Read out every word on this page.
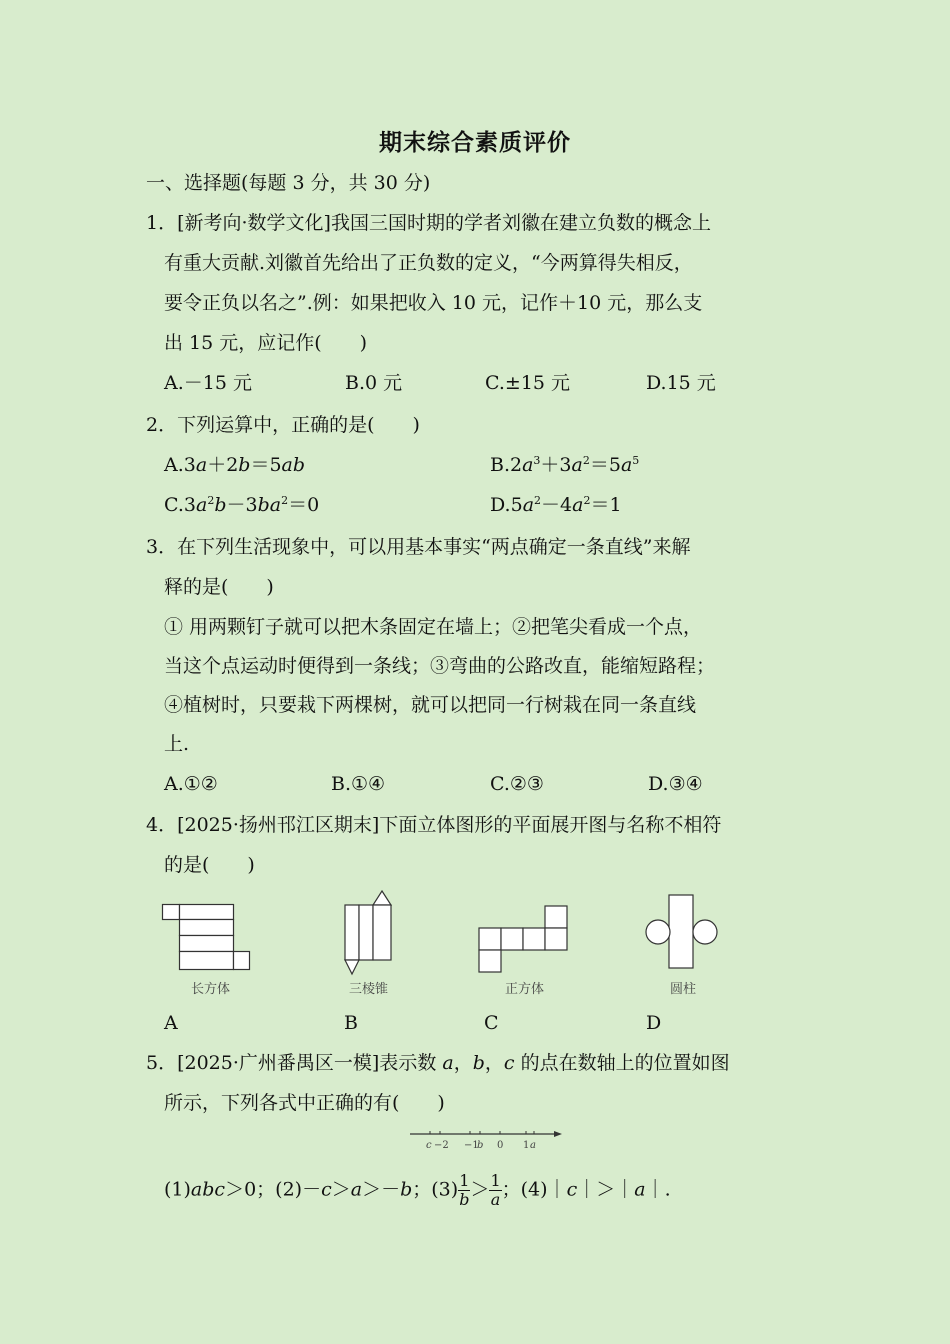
期末综合素质评价
一、选择题(每题 3 分，共 30 分)
1．[新考向·数学文化]我国三国时期的学者刘徽在建立负数的概念上
有重大贡献.刘徽首先给出了正负数的定义，“今两算得失相反，
要令正负以名之”.例：如果把收入 10 元，记作＋10 元，那么支
出 15 元，应记作(　　)
A.－15 元	B.0 元	C.±15 元	D.15 元
2．下列运算中，正确的是(　　)
A.3a＋2b＝5ab	$B.2a^3+3a^2=5a^5$
$C.3a^2b-3ba^2=0$	$D.5a^2-4a^2=1$
3．在下列生活现象中，可以用基本事实“两点确定一条直线”来解
释的是(　　)
① 用两颗钉子就可以把木条固定在墙上；②把笔尖看成一个点，
当这个点运动时便得到一条线；③弯曲的公路改直，能缩短路程；
④植树时，只要栽下两棵树，就可以把同一行树栽在同一条直线
上.
A.①②	B.①④	C.②③	D.③④
4．[2025·扬州邗江区期末]下面立体图形的平面展开图与名称不相符
的是(　　)
长方体	三棱锥	正方体	圆柱
A	B	C	D
5．[2025·广州番禺区一模]表示数 a，b，c 的点在数轴上的位置如图
所示，下列各式中正确的有(　　)
c −2 −1
b 0 1 a
(1)abc＞0；(2)－c＞a＞－b；$(3) \frac{1}{b} > \frac{1}{a}$ ；(4)｜c｜＞｜a｜.
